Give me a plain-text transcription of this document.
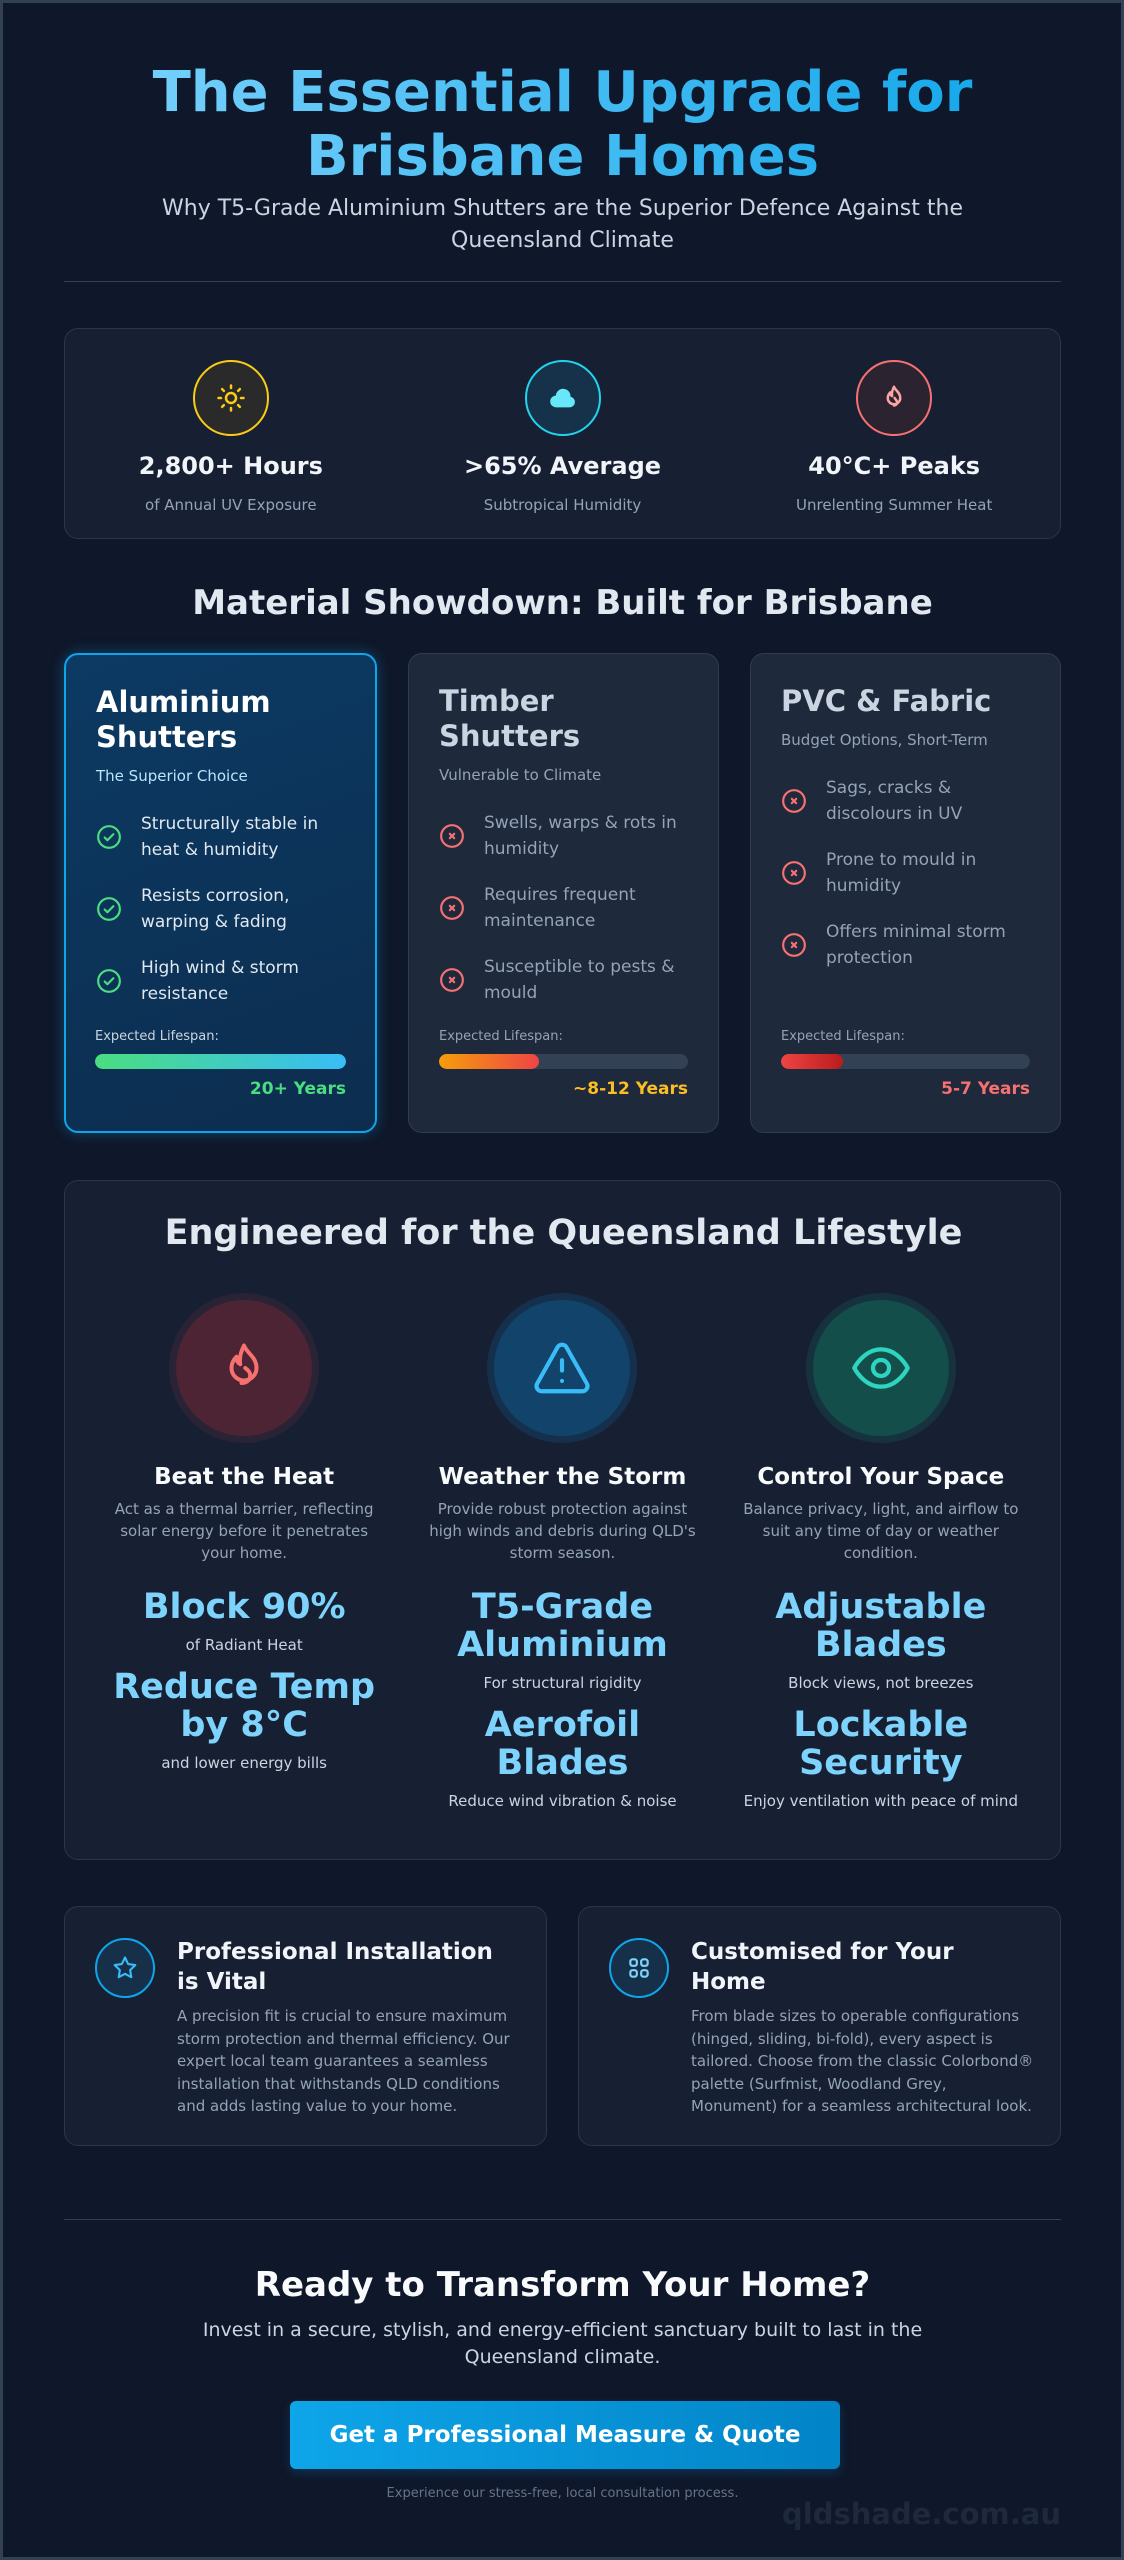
The Essential Upgrade for Brisbane Homes

Why T5-Grade Aluminium Shutters are the Superior Defence Against the Queensland Climate

2,800+ Hours
of Annual UV Exposure
>65% Average
Subtropical Humidity
40°C+ Peaks
Unrelenting Summer Heat
Material Showdown: Built for Brisbane
Aluminium Shutters
The Superior Choice
Structurally stable in heat & humidity
Resists corrosion, warping & fading
High wind & storm resistance
Expected Lifespan:
20+ Years
Timber Shutters
Vulnerable to Climate
Swells, warps & rots in humidity
Requires frequent maintenance
Susceptible to pests & mould
Expected Lifespan:
~8-12 Years
PVC & Fabric
Budget Options, Short-Term
Sags, cracks & discolours in UV
Prone to mould in humidity
Offers minimal storm protection
Expected Lifespan:
5-7 Years
Engineered for the Queensland Lifestyle
Beat the Heat
Act as a thermal barrier, reflecting solar energy before it penetrates your home.
Block 90%
of Radiant Heat
Reduce Temp by 8°C
and lower energy bills
Weather the Storm
Provide robust protection against high winds and debris during QLD's storm season.
T5-Grade Aluminium
For structural rigidity
Aerofoil Blades
Reduce wind vibration & noise
Control Your Space
Balance privacy, light, and airflow to suit any time of day or weather condition.
Adjustable Blades
Block views, not breezes
Lockable Security
Enjoy ventilation with peace of mind
Professional Installation is Vital
A precision fit is crucial to ensure maximum storm protection and thermal efficiency. Our expert local team guarantees a seamless installation that withstands QLD conditions and adds lasting value to your home.
Customised for Your Home
From blade sizes to operable configurations (hinged, sliding, bi-fold), every aspect is tailored. Choose from the classic Colorbond® palette (Surfmist, Woodland Grey, Monument) for a seamless architectural look.
Ready to Transform Your Home?

Invest in a secure, stylish, and energy-efficient sanctuary built to last in the Queensland climate.

Get a Professional Measure & Quote
Experience our stress-free, local consultation process.
qldshade.com.au
